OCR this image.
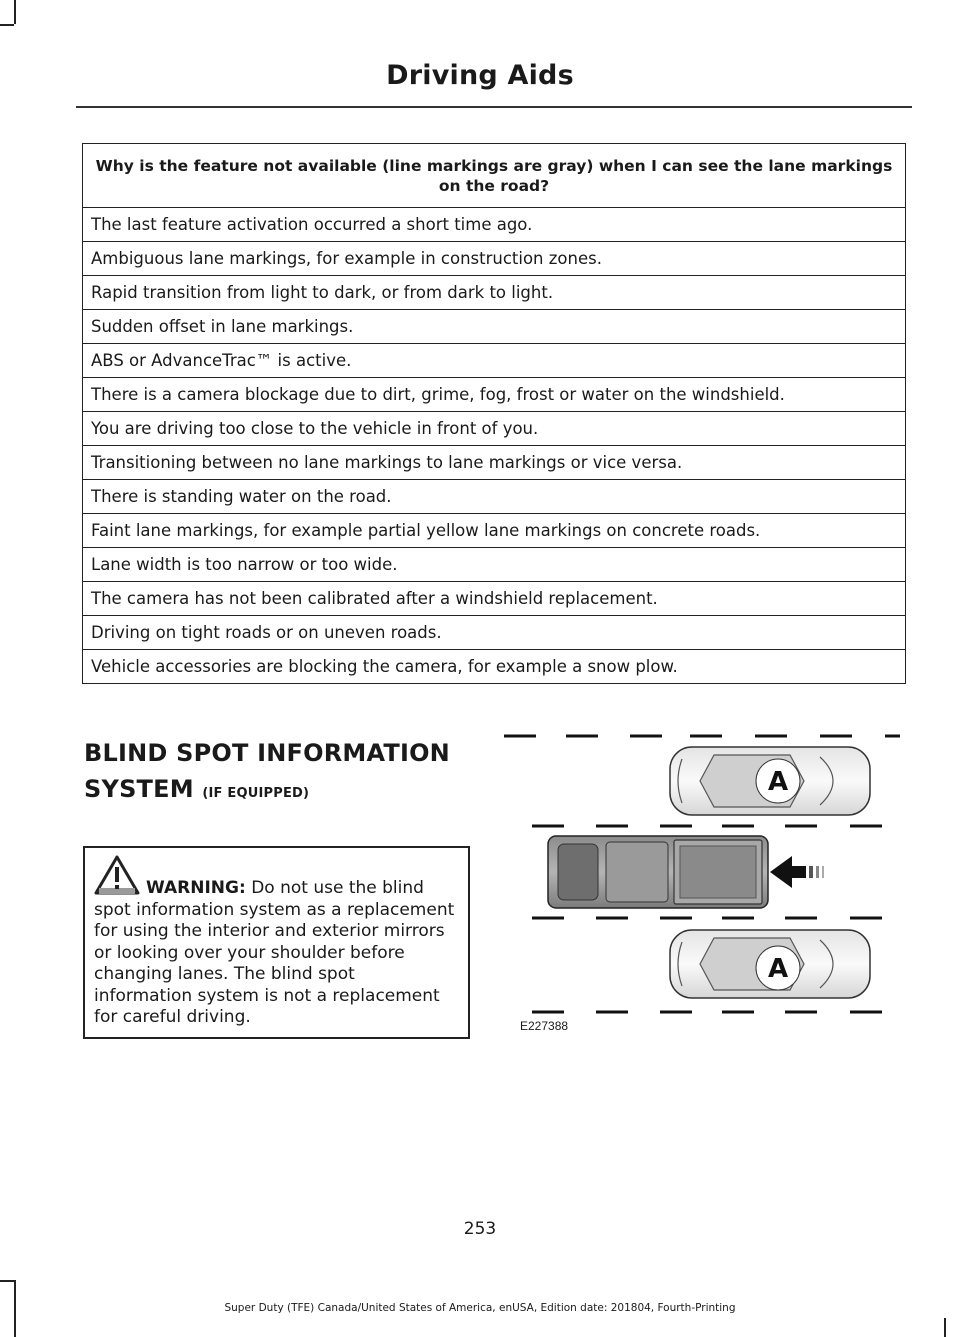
Driving Aids
Why is the feature not available (line markings are gray) when I can see the lane markings on the road?
The last feature activation occurred a short time ago.
Ambiguous lane markings, for example in construction zones.
Rapid transition from light to dark, or from dark to light.
Sudden offset in lane markings.
ABS or AdvanceTrac™ is active.
There is a camera blockage due to dirt, grime, fog, frost or water on the windshield.
You are driving too close to the vehicle in front of you.
Transitioning between no lane markings to lane markings or vice versa.
There is standing water on the road.
Faint lane markings, for example partial yellow lane markings on concrete roads.
Lane width is too narrow or too wide.
The camera has not been calibrated after a windshield replacement.
Driving on tight roads or on uneven roads.
Vehicle accessories are blocking the camera, for example a snow plow.
BLIND SPOT INFORMATION SYSTEM (IF EQUIPPED)
WARNING: Do not use the blind spot information system as a replacement for using the interior and exterior mirrors or looking over your shoulder before changing lanes. The blind spot information system is not a replacement for careful driving.
A
A
E227388
253
Super Duty (TFE) Canada/United States of America, enUSA, Edition date: 201804, Fourth-Printing
